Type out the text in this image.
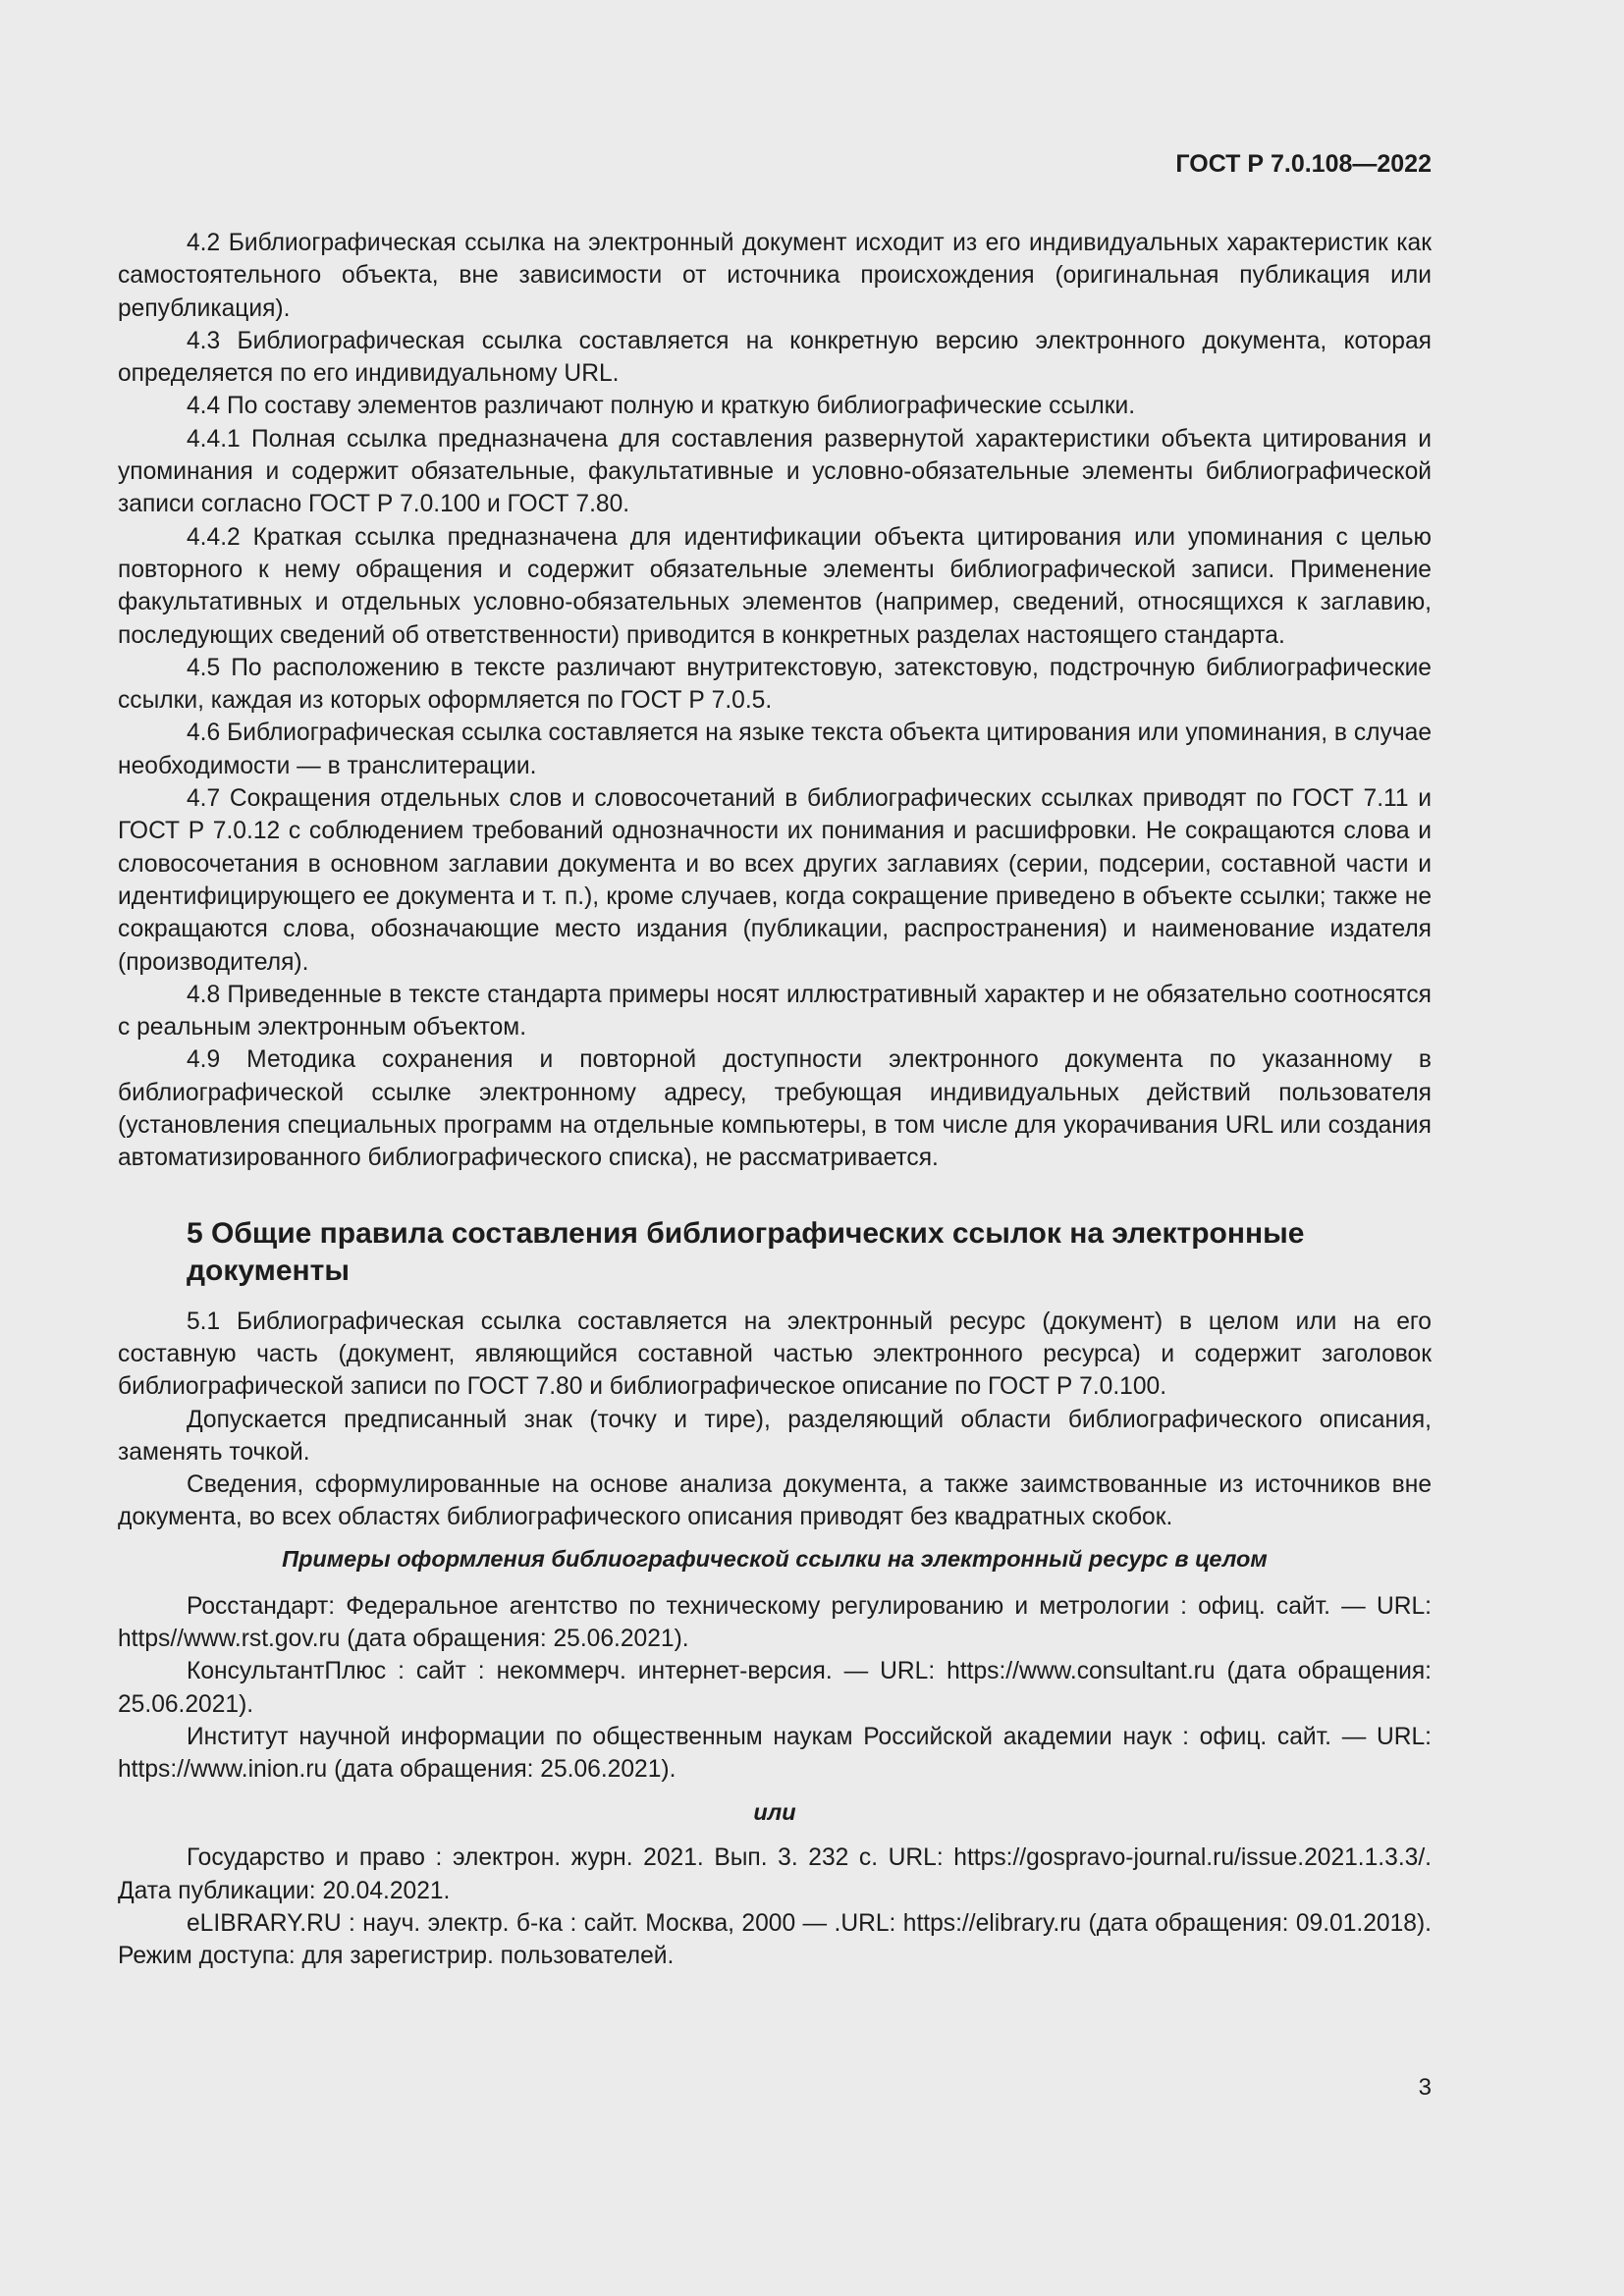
ГОСТ Р 7.0.108—2022

4.2 Библиографическая ссылка на электронный документ исходит из его индивидуальных характеристик как самостоятельного объекта, вне зависимости от источника происхождения (оригинальная публикация или републикация).

4.3 Библиографическая ссылка составляется на конкретную версию электронного документа, которая определяется по его индивидуальному URL.

4.4 По составу элементов различают полную и краткую библиографические ссылки.

4.4.1 Полная ссылка предназначена для составления развернутой характеристики объекта цитирования и упоминания и содержит обязательные, факультативные и условно-обязательные элементы библиографической записи согласно ГОСТ Р 7.0.100 и ГОСТ 7.80.

4.4.2 Краткая ссылка предназначена для идентификации объекта цитирования или упоминания с целью повторного к нему обращения и содержит обязательные элементы библиографической записи. Применение факультативных и отдельных условно-обязательных элементов (например, сведений, относящихся к заглавию, последующих сведений об ответственности) приводится в конкретных разделах настоящего стандарта.

4.5 По расположению в тексте различают внутритекстовую, затекстовую, подстрочную библиографические ссылки, каждая из которых оформляется по ГОСТ Р 7.0.5.

4.6 Библиографическая ссылка составляется на языке текста объекта цитирования или упоминания, в случае необходимости — в транслитерации.

4.7 Сокращения отдельных слов и словосочетаний в библиографических ссылках приводят по ГОСТ 7.11 и ГОСТ Р 7.0.12 с соблюдением требований однозначности их понимания и расшифровки. Не сокращаются слова и словосочетания в основном заглавии документа и во всех других заглавиях (серии, подсерии, составной части и идентифицирующего ее документа и т. п.), кроме случаев, когда сокращение приведено в объекте ссылки; также не сокращаются слова, обозначающие место издания (публикации, распространения) и наименование издателя (производителя).

4.8 Приведенные в тексте стандарта примеры носят иллюстративный характер и не обязательно соотносятся с реальным электронным объектом.

4.9 Методика сохранения и повторной доступности электронного документа по указанному в библиографической ссылке электронному адресу, требующая индивидуальных действий пользователя (установления специальных программ на отдельные компьютеры, в том числе для укорачивания URL или создания автоматизированного библиографического списка), не рассматривается.

5 Общие правила составления библиографических ссылок на электронные документы

5.1 Библиографическая ссылка составляется на электронный ресурс (документ) в целом или на его составную часть (документ, являющийся составной частью электронного ресурса) и содержит заголовок библиографической записи по ГОСТ 7.80 и библиографическое описание по ГОСТ Р 7.0.100.

Допускается предписанный знак (точку и тире), разделяющий области библиографического описания, заменять точкой.

Сведения, сформулированные на основе анализа документа, а также заимствованные из источников вне документа, во всех областях библиографического описания приводят без квадратных скобок.

Примеры оформления библиографической ссылки на электронный ресурс в целом

Росстандарт: Федеральное агентство по техническому регулированию и метрологии : офиц. сайт. — URL: https//www.rst.gov.ru (дата обращения: 25.06.2021).

КонсультантПлюс : сайт : некоммерч. интернет-версия. — URL: https://www.consultant.ru (дата обращения: 25.06.2021).

Институт научной информации по общественным наукам Российской академии наук : офиц. сайт. — URL: https://www.inion.ru (дата обращения: 25.06.2021).

или

Государство и право : электрон. журн. 2021. Вып. 3. 232 с. URL: https://gospravo-journal.ru/issue.2021.1.3.3/. Дата публикации: 20.04.2021.

eLIBRARY.RU : науч. электр. б-ка : сайт. Москва, 2000 — .URL: https://elibrary.ru (дата обращения: 09.01.2018). Режим доступа: для зарегистрир. пользователей.

3
